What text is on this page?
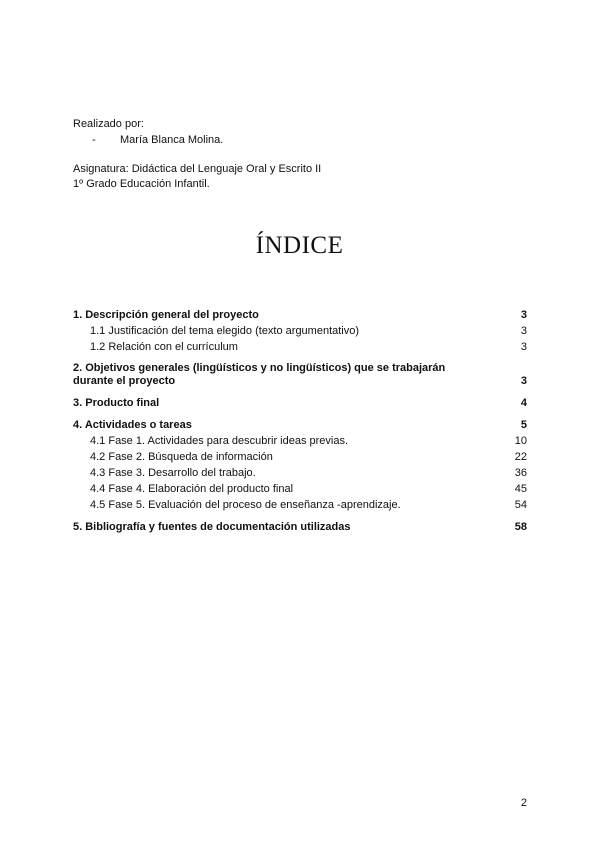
Realizado por:
- María Blanca Molina.
Asignatura: Didáctica del Lenguaje Oral y Escrito II
1º Grado Educación Infantil.
ÍNDICE
1. Descripción general del proyecto	3
1.1 Justificación del tema elegido (texto argumentativo)	3
1.2 Relación con el currículum	3
2. Objetivos generales (lingüísticos y no lingüísticos) que se trabajarán durante el proyecto	3
3. Producto final	4
4. Actividades o tareas	5
4.1 Fase 1. Actividades para descubrir ideas previas.	10
4.2 Fase 2. Búsqueda de información	22
4.3 Fase 3. Desarrollo del trabajo.	36
4.4 Fase 4. Elaboración del producto final	45
4.5 Fase 5. Evaluación del proceso de enseñanza -aprendizaje.	54
5. Bibliografía y fuentes de documentación utilizadas	58
2
